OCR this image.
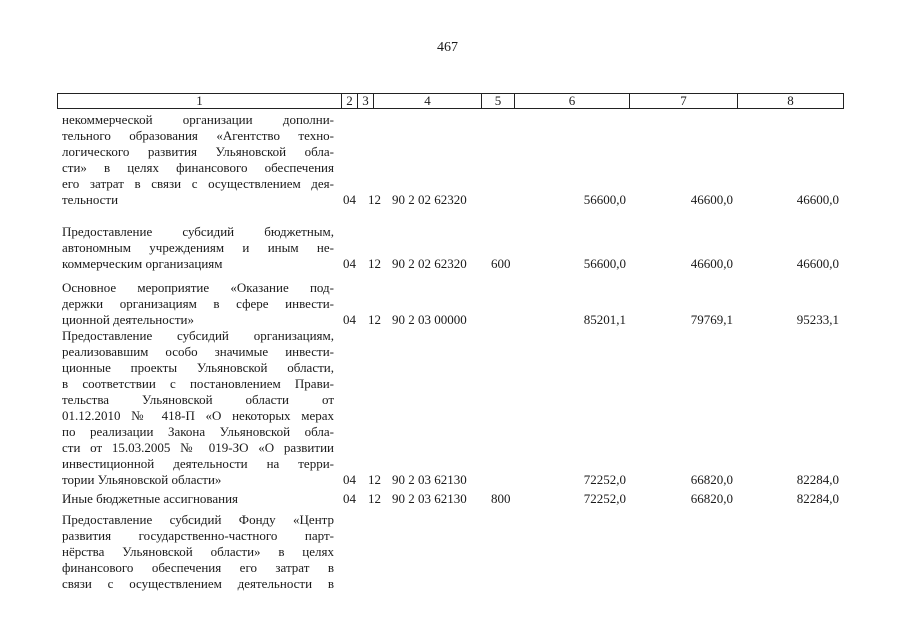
467
1	2 3	4	5	6	7	8
некоммерческой организации дополни-
тельного образования «Агентство техно-
логического развития Ульяновской обла-
сти» в целях финансового обеспечения
его затрат в связи с осуществлением дея-
тельности	04 12 90 2 02 62320	56600,0	46600,0	46600,0
Предоставление субсидий бюджетным,
автономным учреждениям и иным не-
коммерческим организациям	04 12 90 2 02 62320 600	56600,0	46600,0	46600,0
Основное мероприятие «Оказание под-
держки организациям в сфере инвести-
ционной деятельности»	04 12 90 2 03 00000	85201,1	79769,1	95233,1
Предоставление субсидий организациям,
реализовавшим особо значимые инвести-
ционные проекты Ульяновской области,
в соответствии с постановлением Прави-
тельства Ульяновской области от
01.12.2010 № 418-П «О некоторых мерах
по реализации Закона Ульяновской обла-
сти от 15.03.2005 № 019-ЗО «О развитии
инвестиционной деятельности на терри-
тории Ульяновской области»	04 12 90 2 03 62130	72252,0	66820,0	82284,0
Иные бюджетные ассигнования	04 12 90 2 03 62130 800	72252,0	66820,0	82284,0
Предоставление субсидий Фонду «Центр
развития государственно-частного парт-
нёрства Ульяновской области» в целях
финансового обеспечения его затрат в
связи с осуществлением деятельности в
